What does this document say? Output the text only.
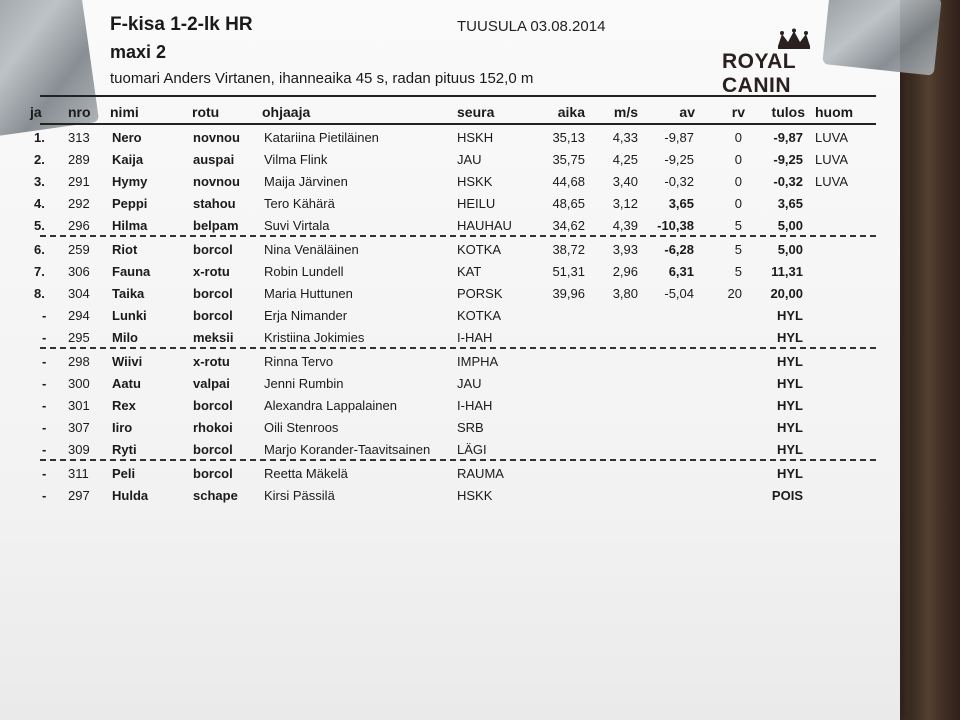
F-kisa 1-2-lk HR
maxi 2
tuomari Anders Virtanen, ihanneaika 45 s, radan pituus 152,0 m
TUUSULA 03.08.2014
ROYAL CANIN
ja nro nimi	rotu	ohjaaja	seura	aika m/s	av	rv tulos huom
1. 313 Nero	novnou Katariina Pietiläinen	HSKH	35,13 4,33 -9,87	0 -9,87 LUVA
2. 289 Kaija	auspai Vilma Flink	JAU	35,75 4,25 -9,25	0 -9,25 LUVA
3. 291 Hymy	novnou Maija Järvinen	HSKK	44,68 3,40 -0,32	0 -0,32 LUVA
4. 292 Peppi	stahou Tero Kähärä	HEILU	48,65 3,12 3,65	0	3,65
5. 296 Hilma	belpam Suvi Virtala	HAUHAU	34,62 4,39 -10,38	5	5,00
6. 259 Riot	borcol Nina Venäläinen	KOTKA	38,72 3,93 -6,28	5	5,00
7. 306 Fauna	x-rotu	Robin Lundell	KAT	51,31 2,96 6,31	5 11,31
8. 304 Taika	borcol Maria Huttunen	PORSK	39,96 3,80 -5,04	20 20,00
- 294 Lunki	borcol Erja Nimander	KOTKA	HYL
- 295 Milo	meksii Kristiina Jokimies	I-HAH	HYL
- 298 Wiivi	x-rotu	Rinna Tervo	IMPHA	HYL
- 300 Aatu	valpai	Jenni Rumbin	JAU	HYL
- 301 Rex	borcol Alexandra Lappalainen	I-HAH	HYL
- 307 Iiro	rhokoi Oili Stenroos	SRB	HYL
- 309 Ryti	borcol Marjo Korander-Taavitsainen LÄGI	HYL
- 311 Peli	borcol Reetta Mäkelä	RAUMA	HYL
- 297 Hulda	schape Kirsi Pässilä	HSKK	POIS
